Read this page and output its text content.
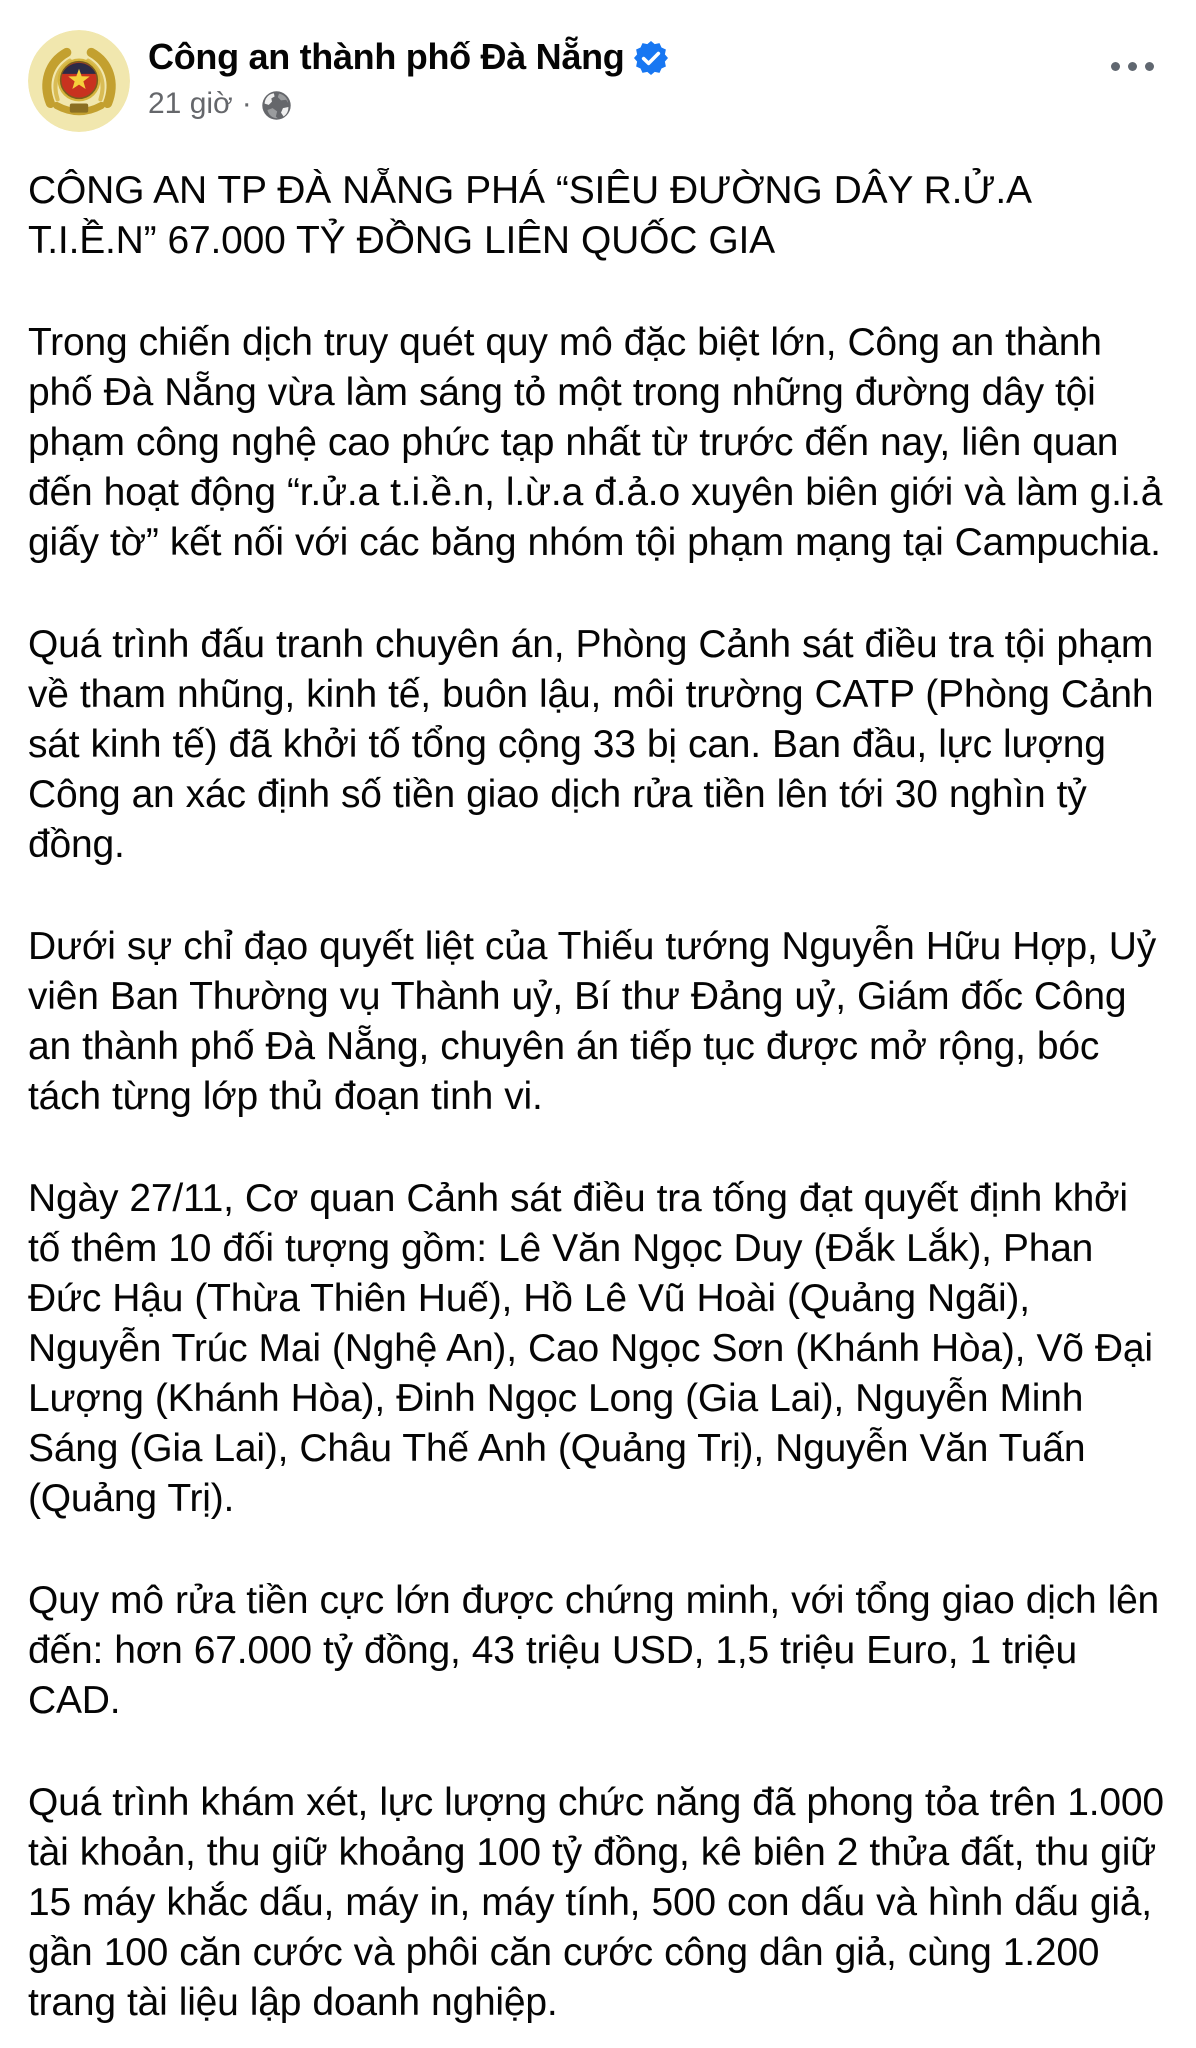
Công an thành phố Đà Nẵng
21 giờ ·

CÔNG AN TP ĐÀ NẴNG PHÁ “SIÊU ĐƯỜNG DÂY R.Ử.A T.I.Ề.N” 67.000 TỶ ĐỒNG LIÊN QUỐC GIA

Trong chiến dịch truy quét quy mô đặc biệt lớn, Công an thành phố Đà Nẵng vừa làm sáng tỏ một trong những đường dây tội phạm công nghệ cao phức tạp nhất từ trước đến nay, liên quan đến hoạt động “r.ử.a t.i.ề.n, l.ừ.a đ.ả.o xuyên biên giới và làm g.i.ả giấy tờ” kết nối với các băng nhóm tội phạm mạng tại Campuchia.

Quá trình đấu tranh chuyên án, Phòng Cảnh sát điều tra tội phạm về tham nhũng, kinh tế, buôn lậu, môi trường CATP (Phòng Cảnh sát kinh tế) đã khởi tố tổng cộng 33 bị can. Ban đầu, lực lượng Công an xác định số tiền giao dịch rửa tiền lên tới 30 nghìn tỷ đồng.

Dưới sự chỉ đạo quyết liệt của Thiếu tướng Nguyễn Hữu Hợp, Uỷ viên Ban Thường vụ Thành uỷ, Bí thư Đảng uỷ, Giám đốc Công an thành phố Đà Nẵng, chuyên án tiếp tục được mở rộng, bóc tách từng lớp thủ đoạn tinh vi.

Ngày 27/11, Cơ quan Cảnh sát điều tra tống đạt quyết định khởi tố thêm 10 đối tượng gồm: Lê Văn Ngọc Duy (Đắk Lắk), Phan Đức Hậu (Thừa Thiên Huế), Hồ Lê Vũ Hoài (Quảng Ngãi), Nguyễn Trúc Mai (Nghệ An), Cao Ngọc Sơn (Khánh Hòa), Võ Đại Lượng (Khánh Hòa), Đinh Ngọc Long (Gia Lai), Nguyễn Minh Sáng (Gia Lai), Châu Thế Anh (Quảng Trị), Nguyễn Văn Tuấn (Quảng Trị).

Quy mô rửa tiền cực lớn được chứng minh, với tổng giao dịch lên đến: hơn 67.000 tỷ đồng, 43 triệu USD, 1,5 triệu Euro, 1 triệu CAD.

Quá trình khám xét, lực lượng chức năng đã phong tỏa trên 1.000 tài khoản, thu giữ khoảng 100 tỷ đồng, kê biên 2 thửa đất, thu giữ 15 máy khắc dấu, máy in, máy tính, 500 con dấu và hình dấu giả, gần 100 căn cước và phôi căn cước công dân giả, cùng 1.200 trang tài liệu lập doanh nghiệp.
